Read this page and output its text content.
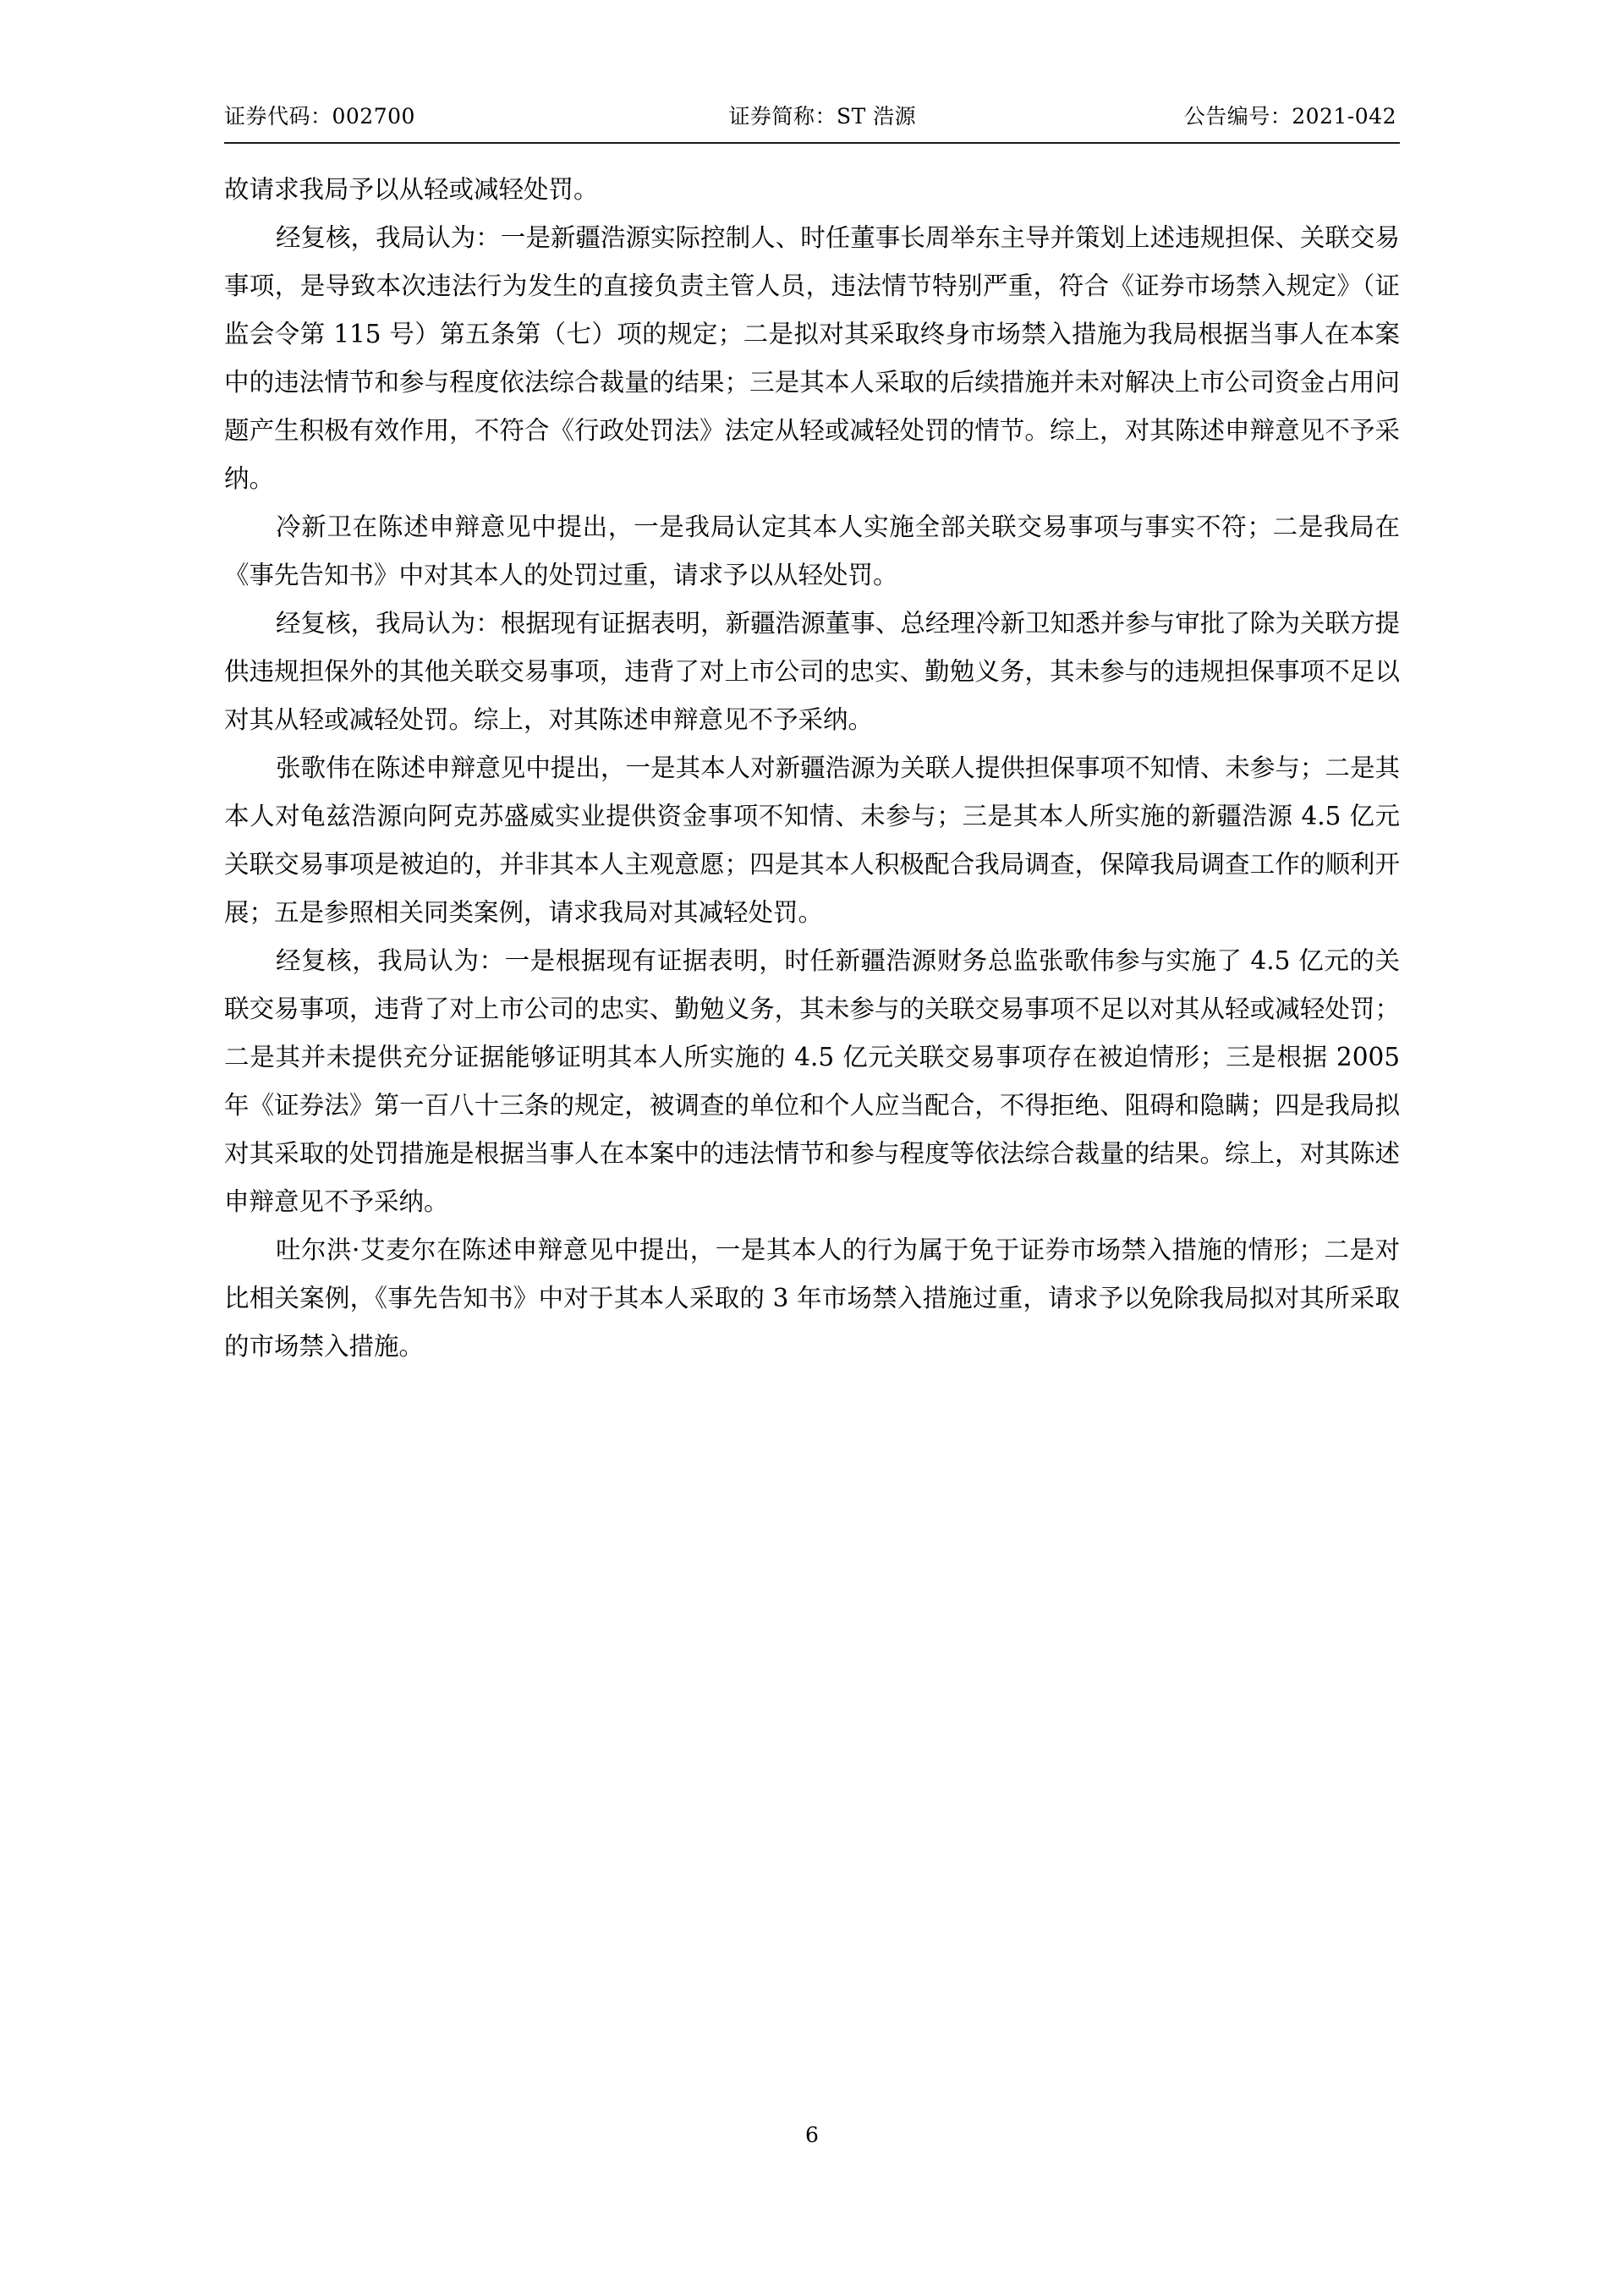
证券代码：002700	证券简称：ST 浩源	公告编号：2021-042

故请求我局予以从轻或减轻处罚。

经复核，我局认为：一是新疆浩源实际控制人、时任董事长周举东主导并策划上述违规担保、关联交易事项，是导致本次违法行为发生的直接负责主管人员，违法情节特别严重，符合《证券市场禁入规定》（证监会令第 115 号）第五条第（七）项的规定；二是拟对其采取终身市场禁入措施为我局根据当事人在本案中的违法情节和参与程度依法综合裁量的结果；三是其本人采取的后续措施并未对解决上市公司资金占用问题产生积极有效作用，不符合《行政处罚法》法定从轻或减轻处罚的情节。综上，对其陈述申辩意见不予采纳。

冷新卫在陈述申辩意见中提出，一是我局认定其本人实施全部关联交易事项与事实不符；二是我局在《事先告知书》中对其本人的处罚过重，请求予以从轻处罚。

经复核，我局认为：根据现有证据表明，新疆浩源董事、总经理冷新卫知悉并参与审批了除为关联方提供违规担保外的其他关联交易事项，违背了对上市公司的忠实、勤勉义务，其未参与的违规担保事项不足以对其从轻或减轻处罚。综上，对其陈述申辩意见不予采纳。

张歌伟在陈述申辩意见中提出，一是其本人对新疆浩源为关联人提供担保事项不知情、未参与；二是其本人对龟兹浩源向阿克苏盛威实业提供资金事项不知情、未参与；三是其本人所实施的新疆浩源 4.5 亿元关联交易事项是被迫的，并非其本人主观意愿；四是其本人积极配合我局调查，保障我局调查工作的顺利开展；五是参照相关同类案例，请求我局对其减轻处罚。

经复核，我局认为：一是根据现有证据表明，时任新疆浩源财务总监张歌伟参与实施了 4.5 亿元的关联交易事项，违背了对上市公司的忠实、勤勉义务，其未参与的关联交易事项不足以对其从轻或减轻处罚；二是其并未提供充分证据能够证明其本人所实施的 4.5 亿元关联交易事项存在被迫情形；三是根据 2005 年《证券法》第一百八十三条的规定，被调查的单位和个人应当配合，不得拒绝、阻碍和隐瞒；四是我局拟对其采取的处罚措施是根据当事人在本案中的违法情节和参与程度等依法综合裁量的结果。综上，对其陈述申辩意见不予采纳。

吐尔洪·艾麦尔在陈述申辩意见中提出，一是其本人的行为属于免于证券市场禁入措施的情形；二是对比相关案例，《事先告知书》中对于其本人采取的 3 年市场禁入措施过重，请求予以免除我局拟对其所采取的市场禁入措施。

6
